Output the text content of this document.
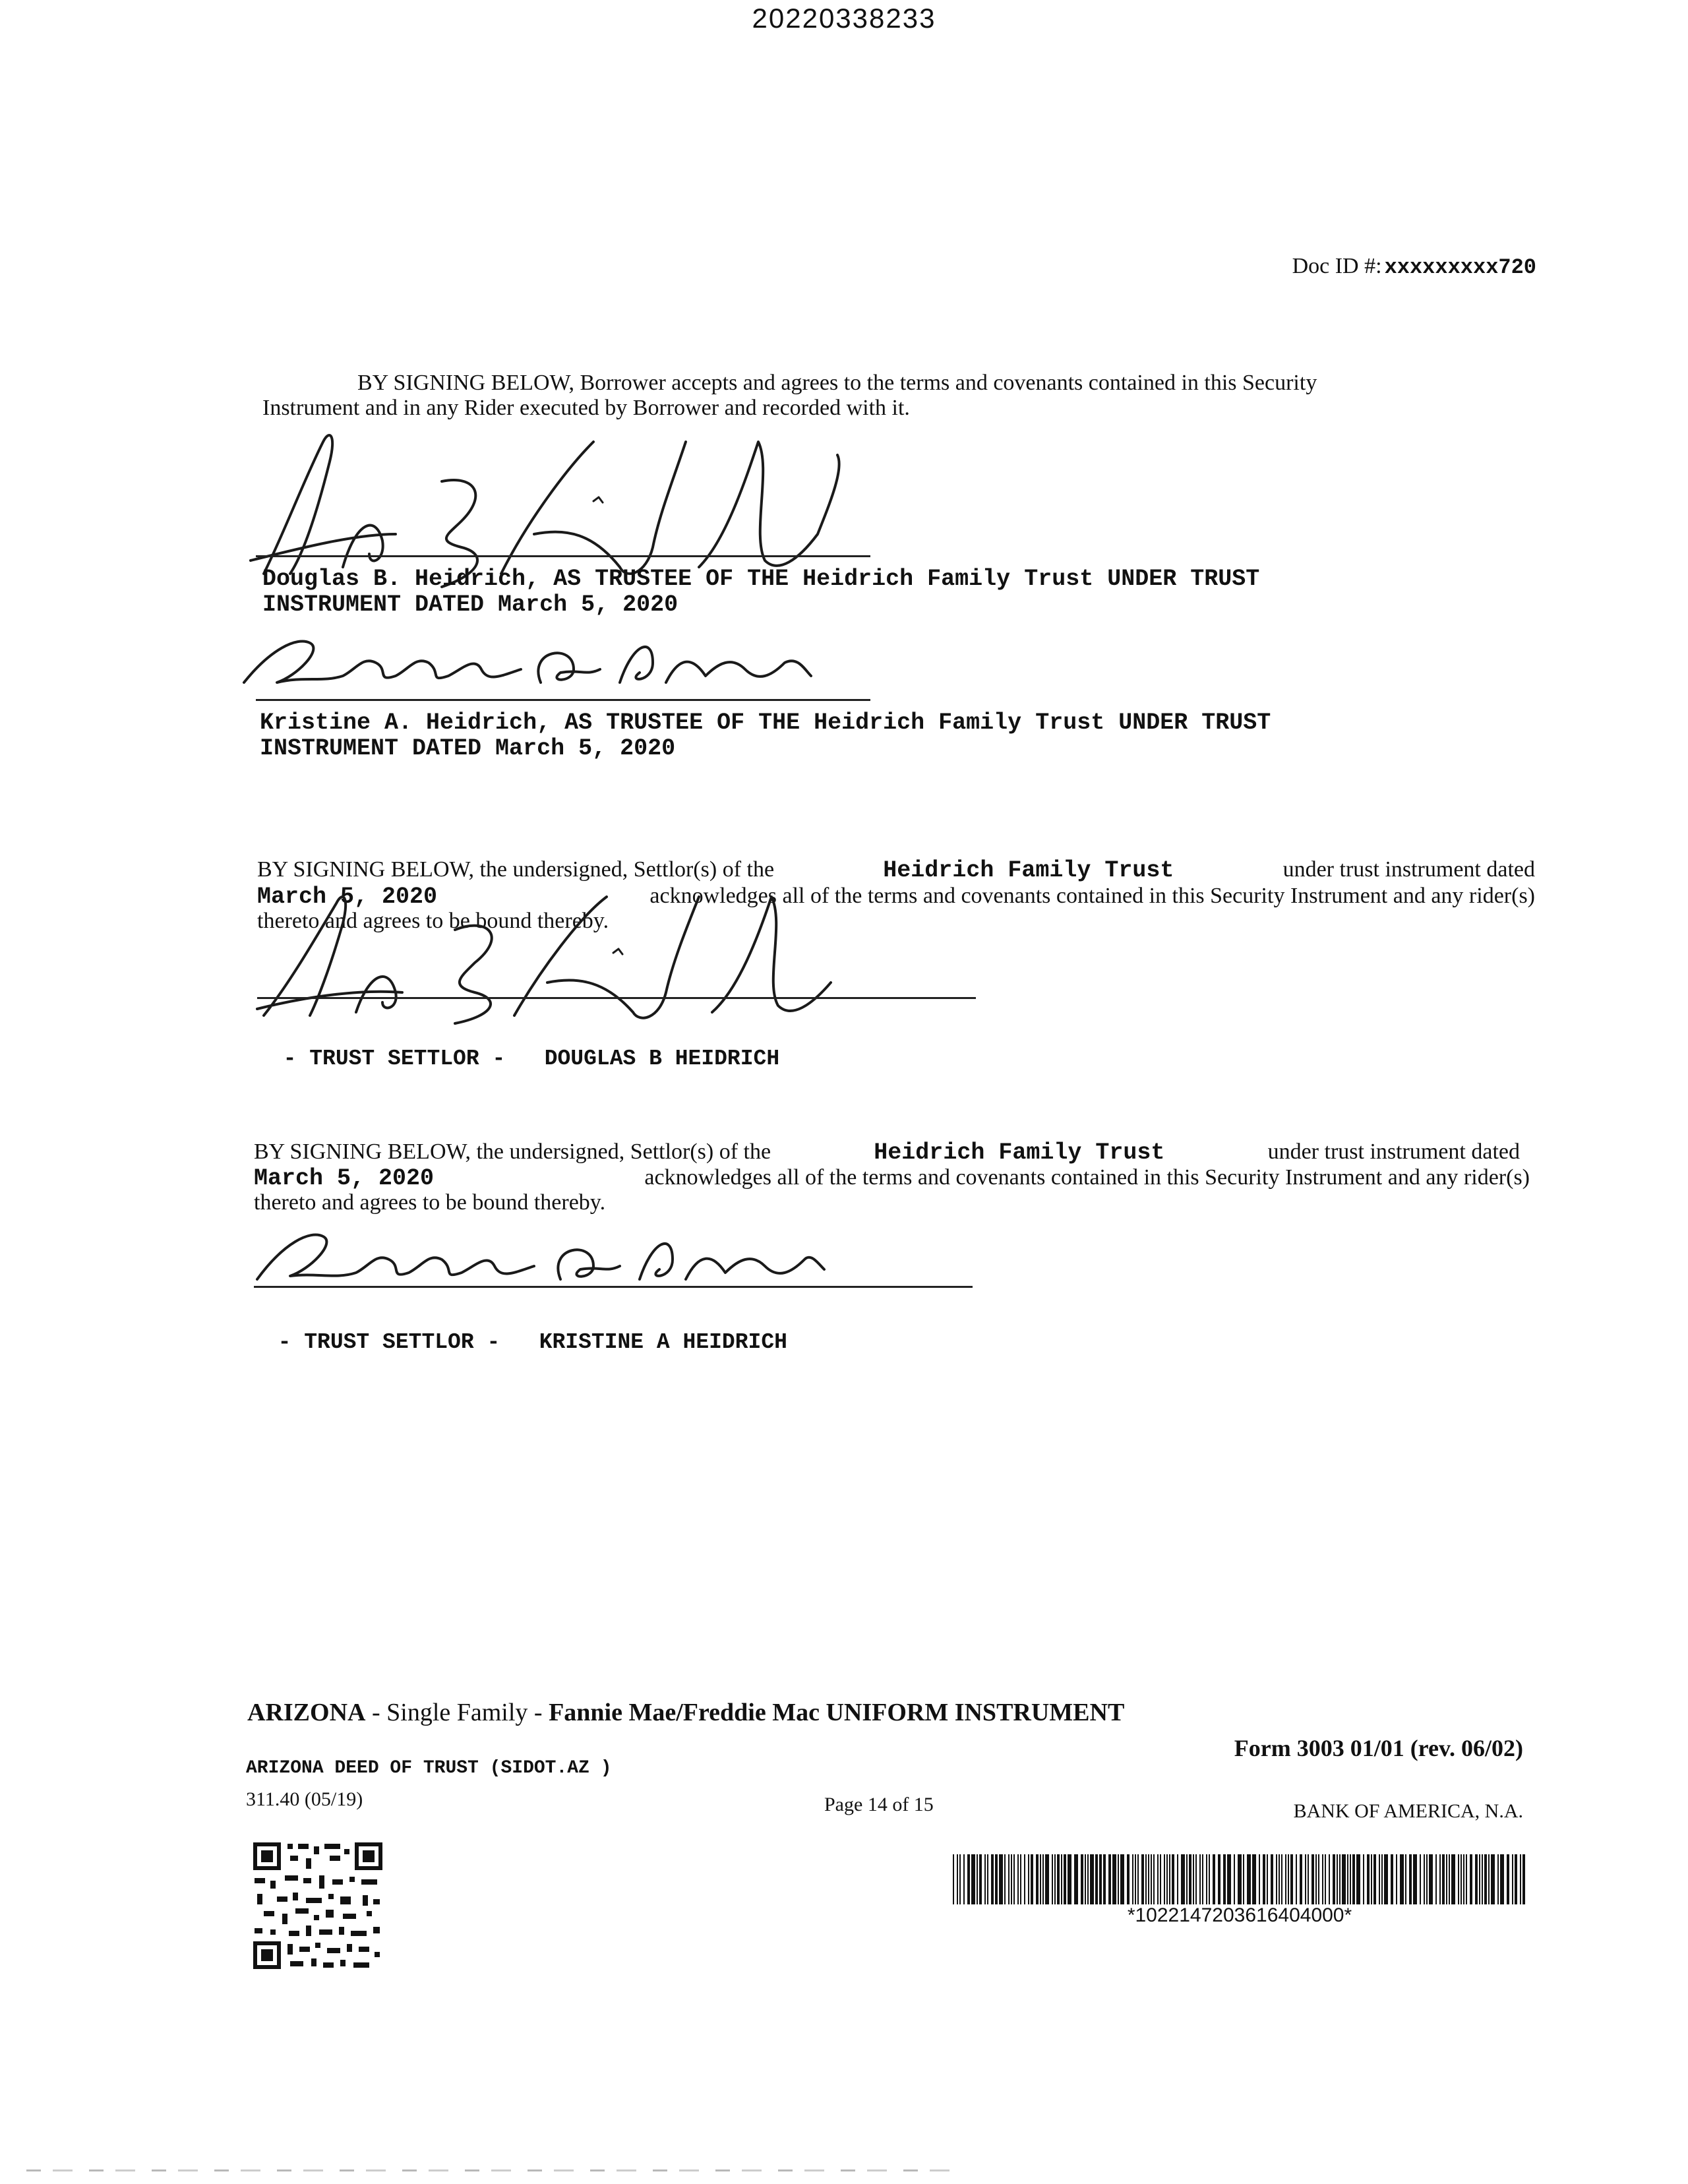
20220338233
Doc ID #: xxxxxxxxx720
BY SIGNING BELOW, Borrower accepts and agrees to the terms and covenants contained in this Security
Instrument and in any Rider executed by Borrower and recorded with it.
Douglas B. Heidrich, AS TRUSTEE OF THE Heidrich Family Trust UNDER TRUST
INSTRUMENT DATED March 5, 2020
Kristine A. Heidrich, AS TRUSTEE OF THE Heidrich Family Trust UNDER TRUST
INSTRUMENT DATED March 5, 2020
BY SIGNING BELOW, the undersigned, Settlor(s) of the	Heidrich Family Trust	under trust instrument dated
March 5, 2020	acknowledges all of the terms and covenants contained in this Security Instrument and any rider(s)
thereto and agrees to be bound thereby.

- TRUST SETTLOR - DOUGLAS B HEIDRICH

BY SIGNING BELOW, the undersigned, Settlor(s) of the	Heidrich Family Trust	under trust instrument dated
March 5, 2020	acknowledges all of the terms and covenants contained in this Security Instrument and any rider(s)
thereto and agrees to be bound thereby.

- TRUST SETTLOR - KRISTINE A HEIDRICH

ARIZONA - Single Family - Fannie Mae/Freddie Mac UNIFORM INSTRUMENT
Form 3003 01/01 (rev. 06/02)
ARIZONA DEED OF TRUST (SIDOT.AZ )
311.40 (05/19)	Page 14 of 15	BANK OF AMERICA, N.A.
*1022147203616404000*
